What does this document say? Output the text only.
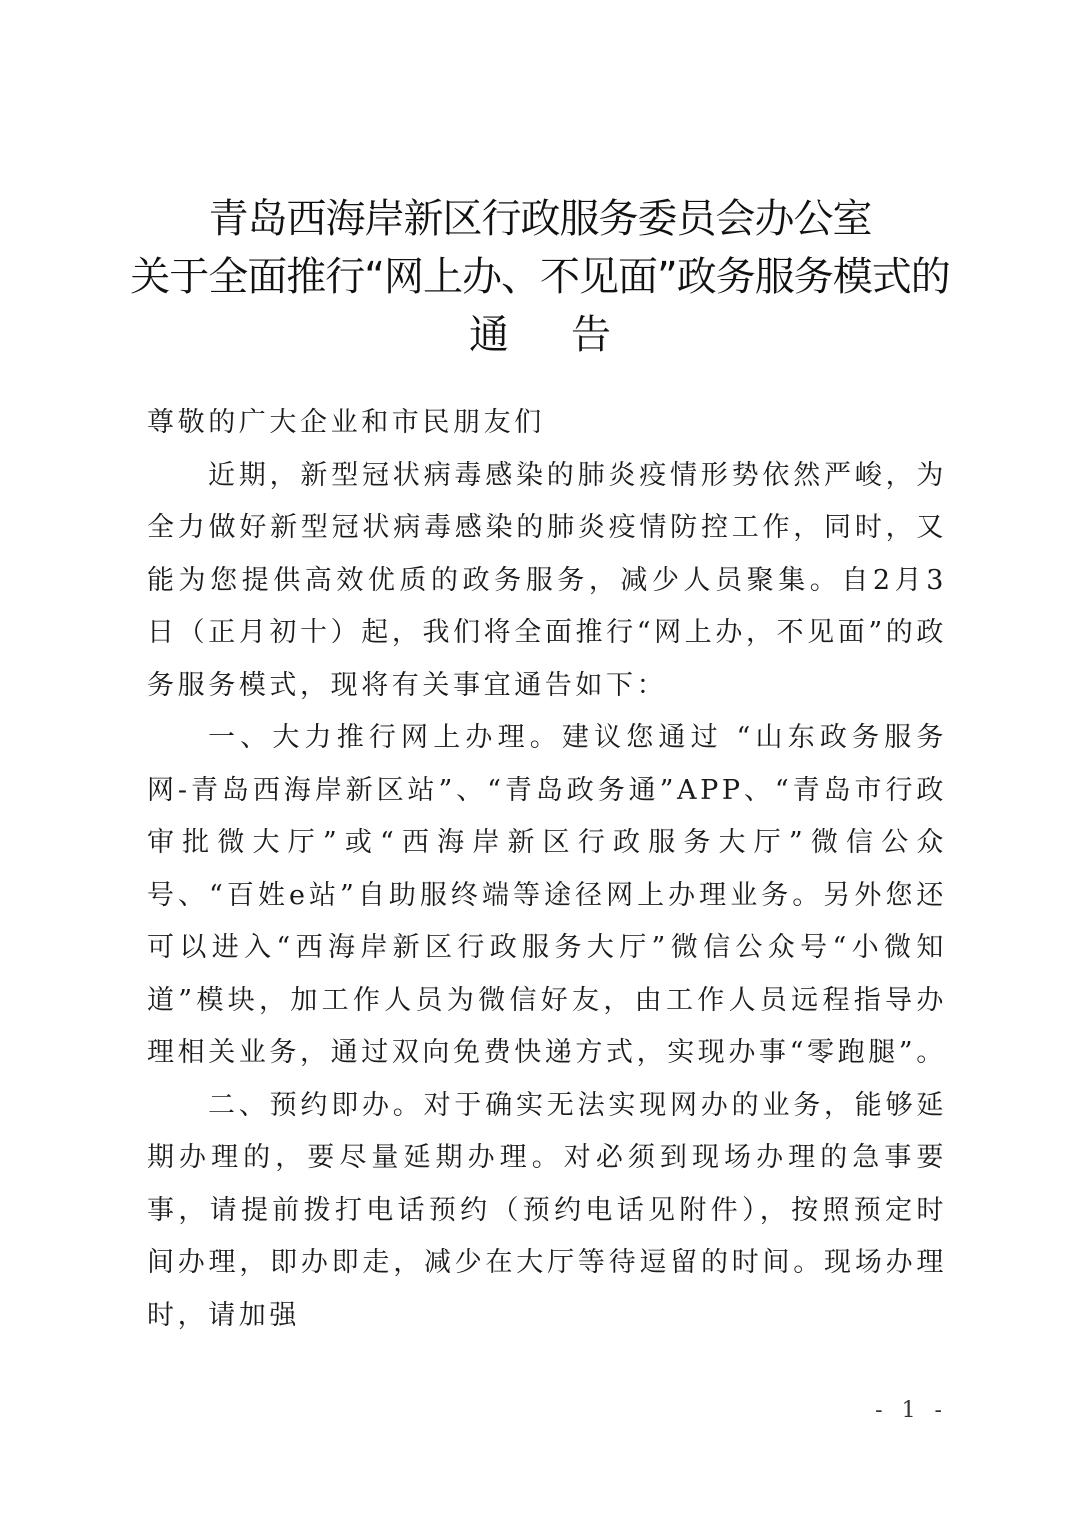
青岛西海岸新区行政服务委员会办公室
关于全面推行“网上办、不见面”政务服务模式的
通告

尊敬的广大企业和市民朋友们

近期，新型冠状病毒感染的肺炎疫情形势依然严峻，为全力做好新型冠状病毒感染的肺炎疫情防控工作，同时，又能为您提供高效优质的政务服务，减少人员聚集。自2月3日（正月初十）起，我们将全面推行“网上办，不见面”的政务服务模式，现将有关事宜通告如下：

一、大力推行网上办理。建议您通过 “山东政务服务网-青岛西海岸新区站”、“青岛政务通”APP、“青岛市行政审批微大厅”或“西海岸新区行政服务大厅”微信公众号、“百姓e站”自助服终端等途径网上办理业务。另外您还可以进入“西海岸新区行政服务大厅”微信公众号“小微知道”模块，加工作人员为微信好友，由工作人员远程指导办理相关业务，通过双向免费快递方式，实现办事“零跑腿”。

二、预约即办。对于确实无法实现网办的业务，能够延期办理的，要尽量延期办理。对必须到现场办理的急事要事，请提前拨打电话预约（预约电话见附件），按照预定时间办理，即办即走，减少在大厅等待逗留的时间。现场办理时，请加强

- 1 -
